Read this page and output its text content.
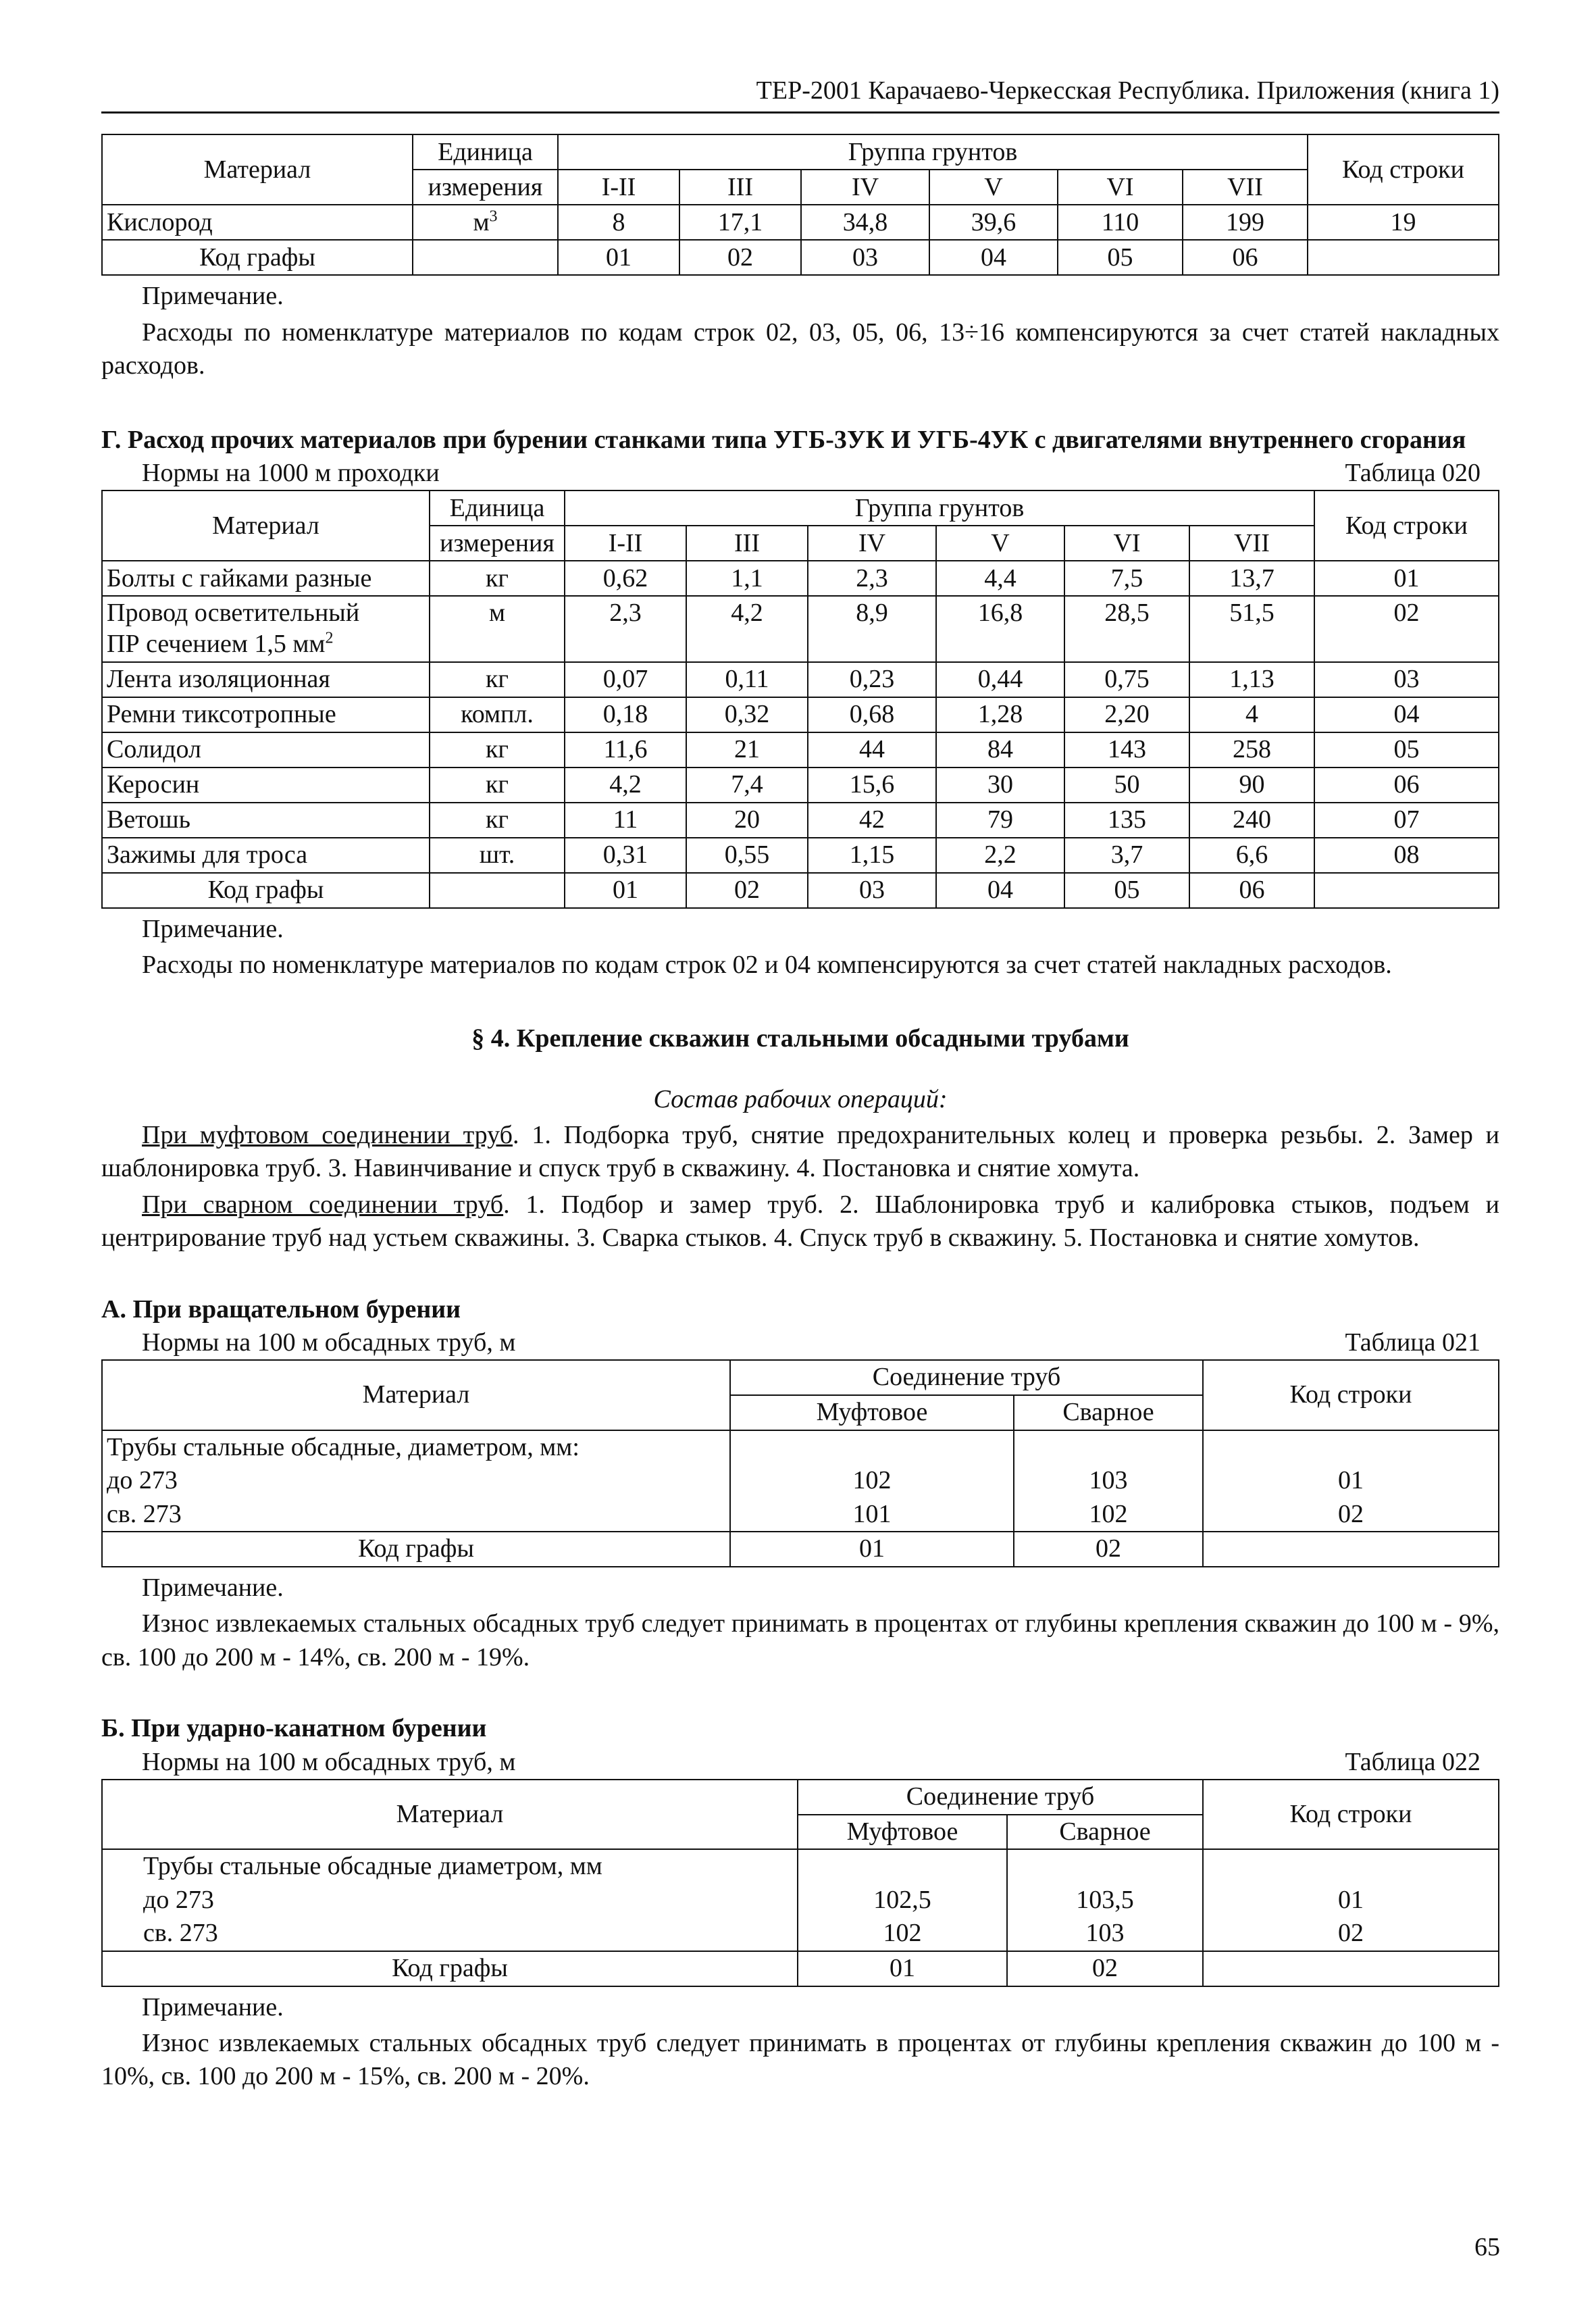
ТЕР-2001 Карачаево-Черкесская Республика. Приложения (книга 1)
Материал	Единица	Группа грунтов						Код строки
	измерения	I-II	III	IV	V	VI	VII	
Кислород	$м^3$	8	17,1	34,8	39,6	110	199	19
Код графы		01	02	03	04	05	06	
Примечание.
Расходы по номенклатуре материалов по кодам строк 02, 03, 05, 06, 13÷16 компенсируются за счет статей накладных расходов.
Г. Расход прочих материалов при бурении станками типа УГБ-3УК И УГБ-4УК с двигателями внутреннего сгорания
Нормы на 1000 м проходки	Таблица 020
Материал	Единица	Группа грунтов						Код строки
	измерения	I-II	III	IV	V	VI	VII	
Болты с гайками разные	кг	0,62	1,1	2,3	4,4	7,5	13,7	01
Провод осветительный
ПР сечением 1,5 $мм^2$	м	2,3	4,2	8,9	16,8	28,5	51,5	02
Лента изоляционная	кг	0,07	0,11	0,23	0,44	0,75	1,13	03
Ремни тиксотропные	компл.	0,18	0,32	0,68	1,28	2,20	4	04
Солидол	кг	11,6	21	44	84	143	258	05
Керосин	кг	4,2	7,4	15,6	30	50	90	06
Ветошь	кг	11	20	42	79	135	240	07
Зажимы для троса	шт.	0,31	0,55	1,15	2,2	3,7	6,6	08
Код графы		01	02	03	04	05	06	
Примечание.
Расходы по номенклатуре материалов по кодам строк 02 и 04 компенсируются за счет статей накладных расходов.
§ 4. Крепление скважин стальными обсадными трубами
Состав рабочих операций:
При муфтовом соединении труб. 1. Подборка труб, снятие предохранительных колец и проверка резьбы. 2. Замер и шаблонировка труб. 3. Навинчивание и спуск труб в скважину. 4. Постановка и снятие хомута.
При сварном соединении труб. 1. Подбор и замер труб. 2. Шаблонировка труб и калибровка стыков, подъем и центрирование труб над устьем скважины. 3. Сварка стыков. 4. Спуск труб в скважину. 5. Постановка и снятие хомутов.
А. При вращательном бурении
Нормы на 100 м обсадных труб, м	Таблица 021
Материал	Соединение труб		Код строки
	Муфтовое	Сварное	
Трубы стальные обсадные, диаметром, мм:			
до 273	102	103	01
св. 273	101	102	02
Код графы	01	02	
Примечание.
Износ извлекаемых стальных обсадных труб следует принимать в процентах от глубины крепления скважин до 100 м - 9%, св. 100 до 200 м - 14%, св. 200 м - 19%.
Б. При ударно-канатном бурении
Нормы на 100 м обсадных труб, м	Таблица 022
Материал	Соединение труб		Код строки
	Муфтовое	Сварное	
Трубы стальные обсадные диаметром, мм			
до 273	102,5	103,5	01
св. 273	102	103	02
Код графы	01	02	
Примечание.
Износ извлекаемых стальных обсадных труб следует принимать в процентах от глубины крепления скважин до 100 м - 10%, св. 100 до 200 м - 15%, св. 200 м - 20%.
65
